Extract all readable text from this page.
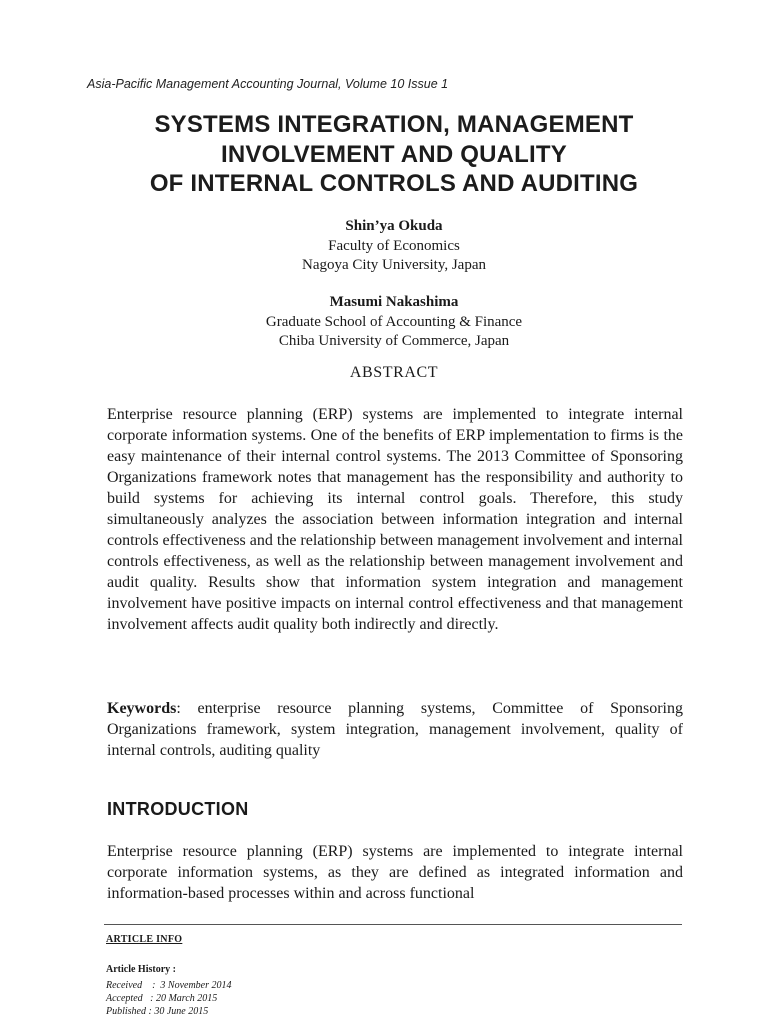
Asia-Pacific Management Accounting Journal, Volume 10 Issue 1
SYSTEMS INTEGRATION, MANAGEMENT
INVOLVEMENT AND QUALITY
OF INTERNAL CONTROLS AND AUDITING
Shin’ya Okuda
Faculty of Economics
Nagoya City University, Japan
Masumi Nakashima
Graduate School of Accounting & Finance
Chiba University of Commerce, Japan
ABSTRACT

Enterprise resource planning (ERP) systems are implemented to integrate internal corporate information systems. One of the benefits of ERP implementation to firms is the easy maintenance of their internal control systems. The 2013 Committee of Sponsoring Organizations framework notes that management has the responsibility and authority to build systems for achieving its internal control goals. Therefore, this study simultaneously analyzes the association between information integration and internal controls effectiveness and the relationship between management involvement and internal controls effectiveness, as well as the relationship between management involvement and audit quality. Results show that information system integration and management involvement have positive impacts on internal control effectiveness and that management involvement affects audit quality both indirectly and directly.

Keywords: enterprise resource planning systems, Committee of Sponsoring Organizations framework, system integration, management involvement, quality of internal controls, auditing quality

INTRODUCTION

Enterprise resource planning (ERP) systems are implemented to integrate internal corporate information systems, as they are defined as integrated information and information-based processes within and across functional

ARTICLE INFO
Article History :
Received    :  3 November 2014
Accepted   : 20 March 2015
Published : 30 June 2015
